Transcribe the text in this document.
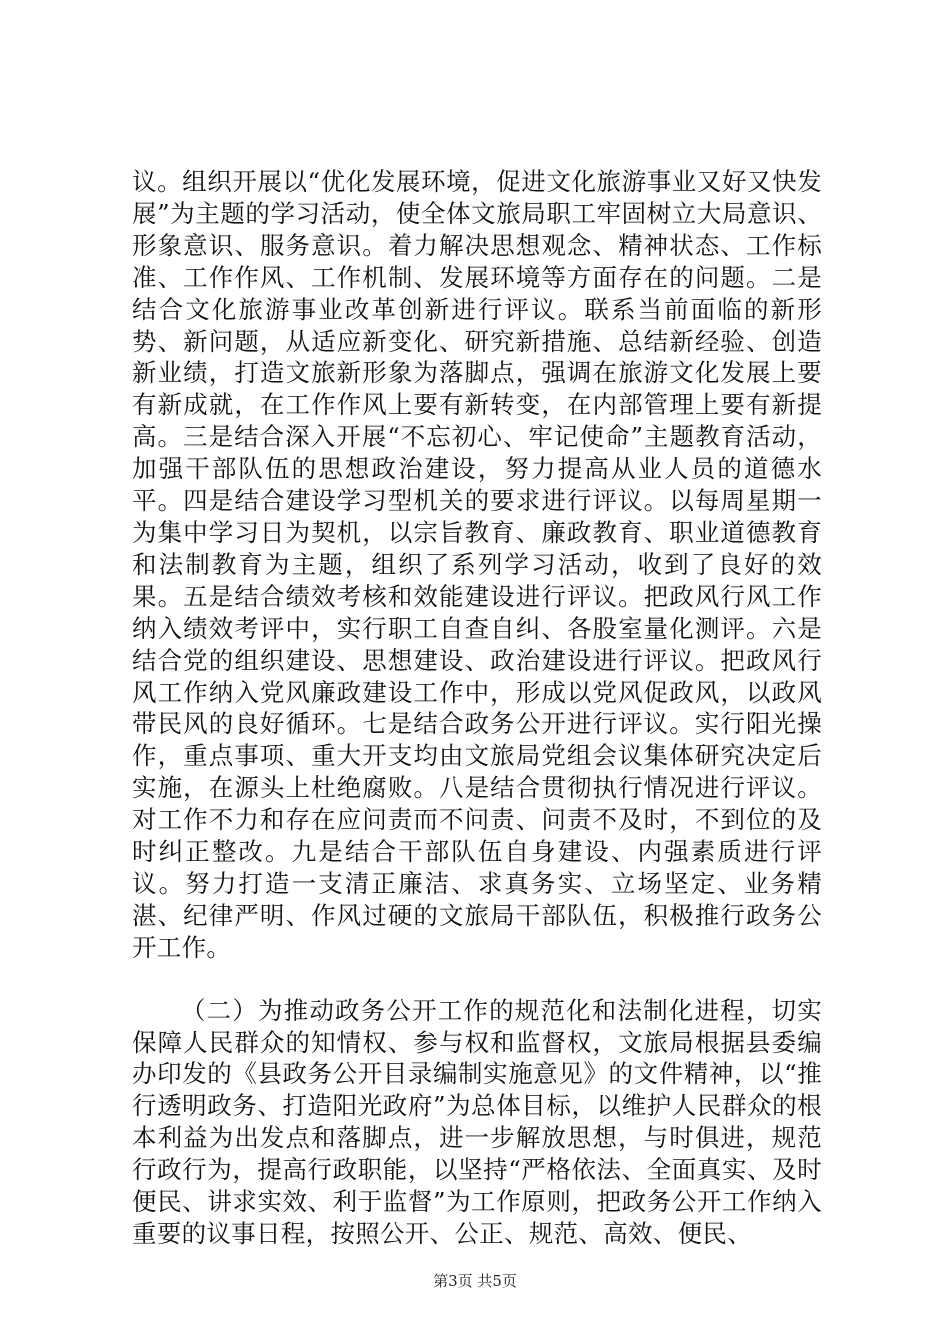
议。组织开展以“优化发展环境，促进文化旅游事业又好又快发展”为主题的学习活动，使全体文旅局职工牢固树立大局意识、形象意识、服务意识。着力解决思想观念、精神状态、工作标准、工作作风、工作机制、发展环境等方面存在的问题。二是结合文化旅游事业改革创新进行评议。联系当前面临的新形势、新问题，从适应新变化、研究新措施、总结新经验、创造新业绩，打造文旅新形象为落脚点，强调在旅游文化发展上要有新成就，在工作作风上要有新转变，在内部管理上要有新提高。三是结合深入开展“不忘初心、牢记使命”主题教育活动，加强干部队伍的思想政治建设，努力提高从业人员的道德水平。四是结合建设学习型机关的要求进行评议。以每周星期一为集中学习日为契机，以宗旨教育、廉政教育、职业道德教育和法制教育为主题，组织了系列学习活动，收到了良好的效果。五是结合绩效考核和效能建设进行评议。把政风行风工作纳入绩效考评中，实行职工自查自纠、各股室量化测评。六是结合党的组织建设、思想建设、政治建设进行评议。把政风行风工作纳入党风廉政建设工作中，形成以党风促政风，以政风带民风的良好循环。七是结合政务公开进行评议。实行阳光操作，重点事项、重大开支均由文旅局党组会议集体研究决定后实施，在源头上杜绝腐败。八是结合贯彻执行情况进行评议。对工作不力和存在应问责而不问责、问责不及时，不到位的及时纠正整改。九是结合干部队伍自身建设、内强素质进行评议。努力打造一支清正廉洁、求真务实、立场坚定、业务精湛、纪律严明、作风过硬的文旅局干部队伍，积极推行政务公开工作。

（二）为推动政务公开工作的规范化和法制化进程，切实保障人民群众的知情权、参与权和监督权，文旅局根据县委编办印发的《县政务公开目录编制实施意见》的文件精神，以“推行透明政务、打造阳光政府”为总体目标，以维护人民群众的根本利益为出发点和落脚点，进一步解放思想，与时俱进，规范行政行为，提高行政职能，以坚持“严格依法、全面真实、及时便民、讲求实效、利于监督”为工作原则，把政务公开工作纳入重要的议事日程，按照公开、公正、规范、高效、便民、

第3页 共5页
